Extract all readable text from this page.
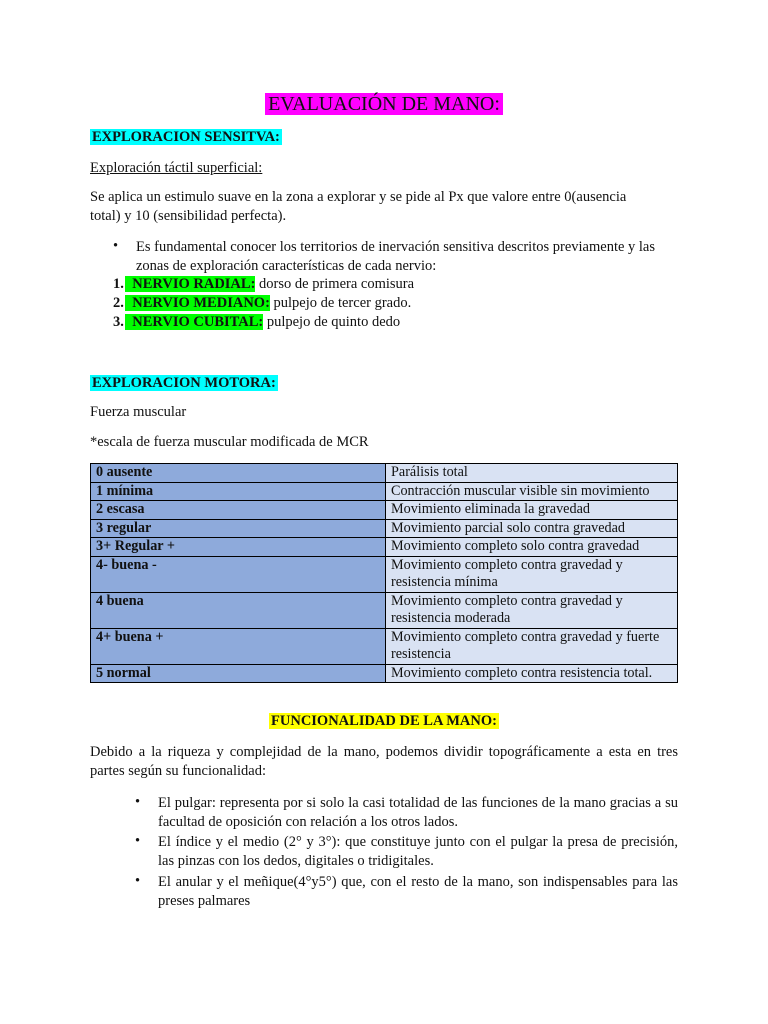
EVALUACIÓN DE MANO:
EXPLORACION SENSITVA:
Exploración táctil superficial:

Se aplica un estimulo suave en la zona a explorar y se pide al Px que valore entre 0(ausencia total) y 10 (sensibilidad perfecta).

• Es fundamental conocer los territorios de inervación sensitiva descritos previamente y las zonas de exploración características de cada nervio:

1. NERVIO RADIAL: dorso de primera comisura
2. NERVIO MEDIANO: pulpejo de tercer grado.
3. NERVIO CUBITAL: pulpejo de quinto dedo
EXPLORACION MOTORA:
Fuerza muscular
*escala de fuerza muscular modificada de MCR
0 ausente	Parálisis total
1 mínima	Contracción muscular visible sin movimiento
2 escasa	Movimiento eliminada la gravedad
3 regular	Movimiento parcial solo contra gravedad
3+ Regular +	Movimiento completo solo contra gravedad
4- buena -	Movimiento completo contra gravedad y resistencia mínima
4 buena	Movimiento completo contra gravedad y resistencia moderada
4+ buena +	Movimiento completo contra gravedad y fuerte resistencia
5 normal	Movimiento completo contra resistencia total.
FUNCIONALIDAD DE LA MANO:

Debido a la riqueza y complejidad de la mano, podemos dividir topográficamente a esta en tres partes según su funcionalidad:

• El pulgar: representa por si solo la casi totalidad de las funciones de la mano gracias a su facultad de oposición con relación a los otros lados.

• El índice y el medio (2° y 3°): que constituye junto con el pulgar la presa de precisión, las pinzas con los dedos, digitales o tridigitales.

• El anular y el meñique(4°y5°) que, con el resto de la mano, son indispensables para las preses palmares
